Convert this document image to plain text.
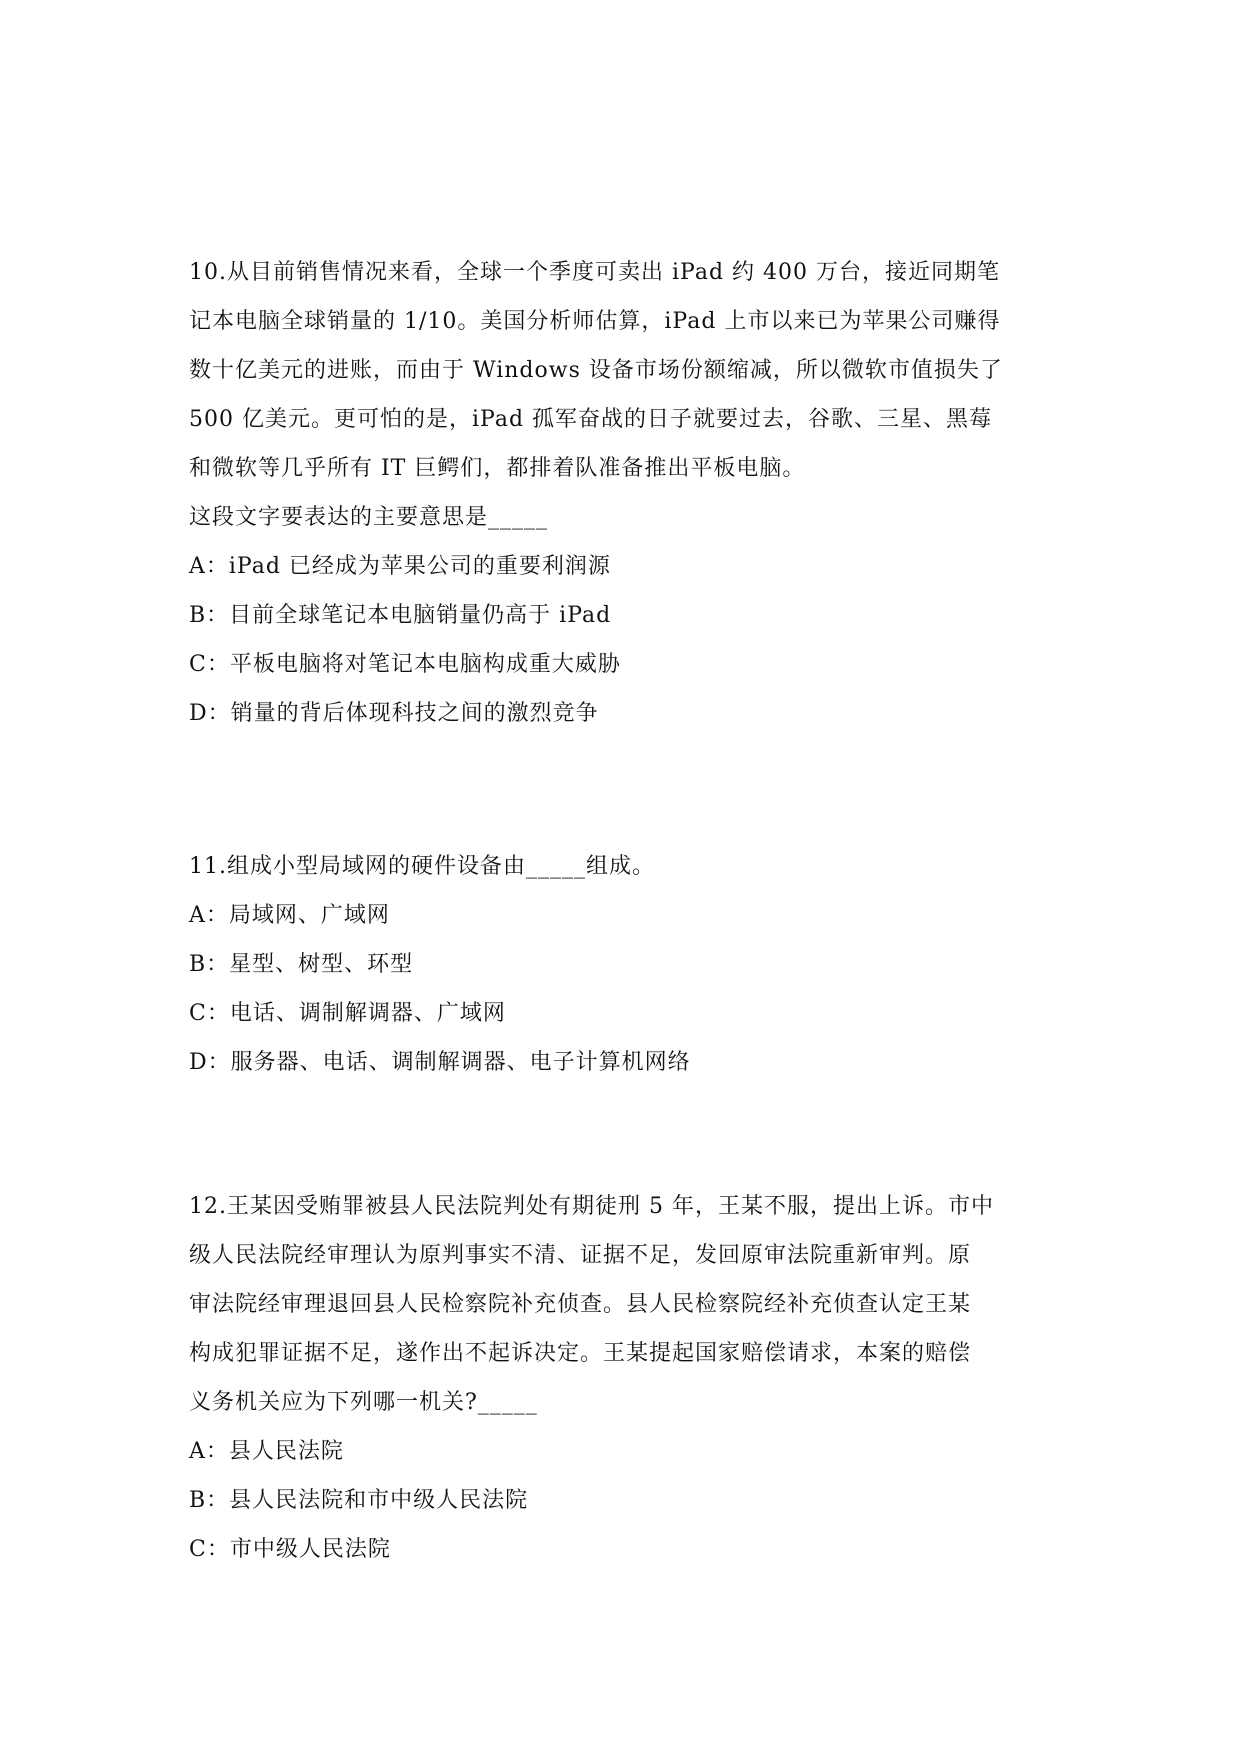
10.从目前销售情况来看，全球一个季度可卖出 iPad 约 400 万台，接近同期笔
记本电脑全球销量的 1/10。美国分析师估算，iPad 上市以来已为苹果公司赚得
数十亿美元的进账，而由于 Windows 设备市场份额缩减，所以微软市值损失了
500 亿美元。更可怕的是，iPad 孤军奋战的日子就要过去，谷歌、三星、黑莓
和微软等几乎所有 IT 巨鳄们，都排着队准备推出平板电脑。
这段文字要表达的主要意思是_____
A：iPad 已经成为苹果公司的重要利润源
B：目前全球笔记本电脑销量仍高于 iPad
C：平板电脑将对笔记本电脑构成重大威胁
D：销量的背后体现科技之间的激烈竞争
11.组成小型局域网的硬件设备由_____组成。
A：局域网、广域网
B：星型、树型、环型
C：电话、调制解调器、广域网
D：服务器、电话、调制解调器、电子计算机网络
12.王某因受贿罪被县人民法院判处有期徒刑 5 年，王某不服，提出上诉。市中
级人民法院经审理认为原判事实不清、证据不足，发回原审法院重新审判。原
审法院经审理退回县人民检察院补充侦查。县人民检察院经补充侦查认定王某
构成犯罪证据不足，遂作出不起诉决定。王某提起国家赔偿请求，本案的赔偿
义务机关应为下列哪一机关?_____
A：县人民法院
B：县人民法院和市中级人民法院
C：市中级人民法院
